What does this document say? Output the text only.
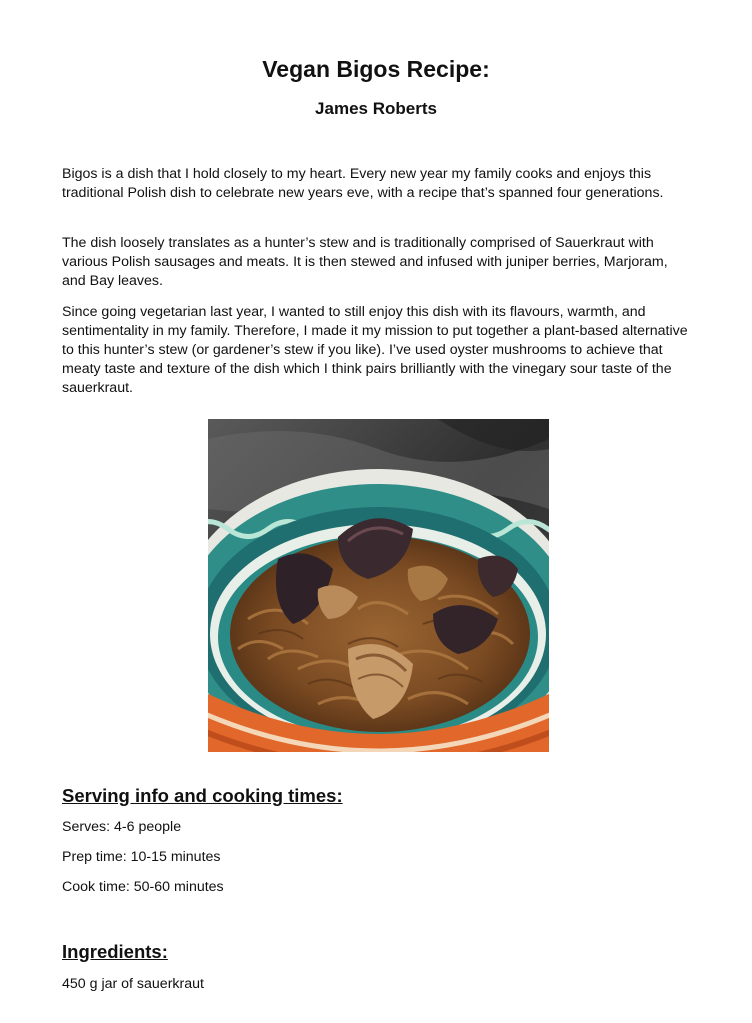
Vegan Bigos Recipe:
James Roberts

Bigos is a dish that I hold closely to my heart. Every new year my family cooks and enjoys this traditional Polish dish to celebrate new years eve, with a recipe that’s spanned four generations.

The dish loosely translates as a hunter’s stew and is traditionally comprised of Sauerkraut with various Polish sausages and meats. It is then stewed and infused with juniper berries, Marjoram, and Bay leaves.

Since going vegetarian last year, I wanted to still enjoy this dish with its flavours, warmth, and sentimentality in my family. Therefore, I made it my mission to put together a plant-based alternative to this hunter’s stew (or gardener’s stew if you like). I’ve used oyster mushrooms to achieve that meaty taste and texture of the dish which I think pairs brilliantly with the vinegary sour taste of the sauerkraut.

Serving info and cooking times:

Serves: 4-6 people

Prep time: 10-15 minutes

Cook time: 50-60 minutes

Ingredients:

450 g jar of sauerkraut
